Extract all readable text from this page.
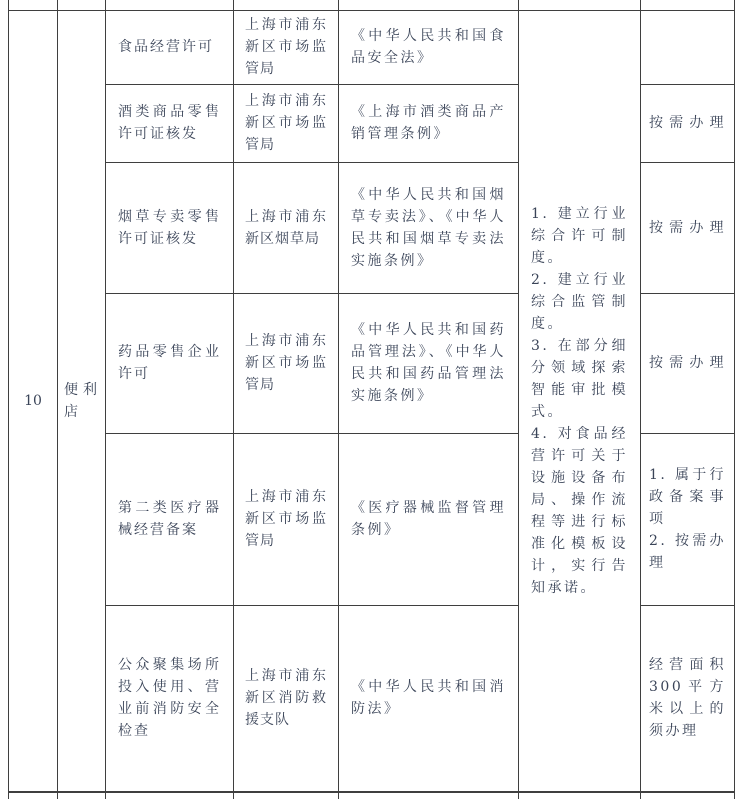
10	便利店	食品经营许可	上海市浦东新区市场监管局	《中华人民共和国食品安全法》	1. 建立行业综合许可制度。
2. 建立行业综合监管制度。
3. 在部分细分领域探索智能审批模式。
4. 对食品经营许可关于设施设备布局、操作流程等进行标准化模板设计，实行告知承诺。	

		酒类商品零售许可证核发	上海市浦东新区市场监管局	《上海市酒类商品产销管理条例》		按需办理
		烟草专卖零售许可证核发	上海市浦东新区烟草局	《中华人民共和国烟草专卖法》、《中华人民共和国烟草专卖法实施条例》		按需办理
		药品零售企业许可	上海市浦东新区市场监管局	《中华人民共和国药品管理法》、《中华人民共和国药品管理法实施条例》		按需办理
		第二类医疗器械经营备案	上海市浦东新区市场监管局	《医疗器械监督管理条例》		1. 属于行政备案事项
2. 按需办理

		公众聚集场所投入使用、营业前消防安全检查	上海市浦东新区消防救援支队	《中华人民共和国消防法》		经营面积300平方米以上的须办理
